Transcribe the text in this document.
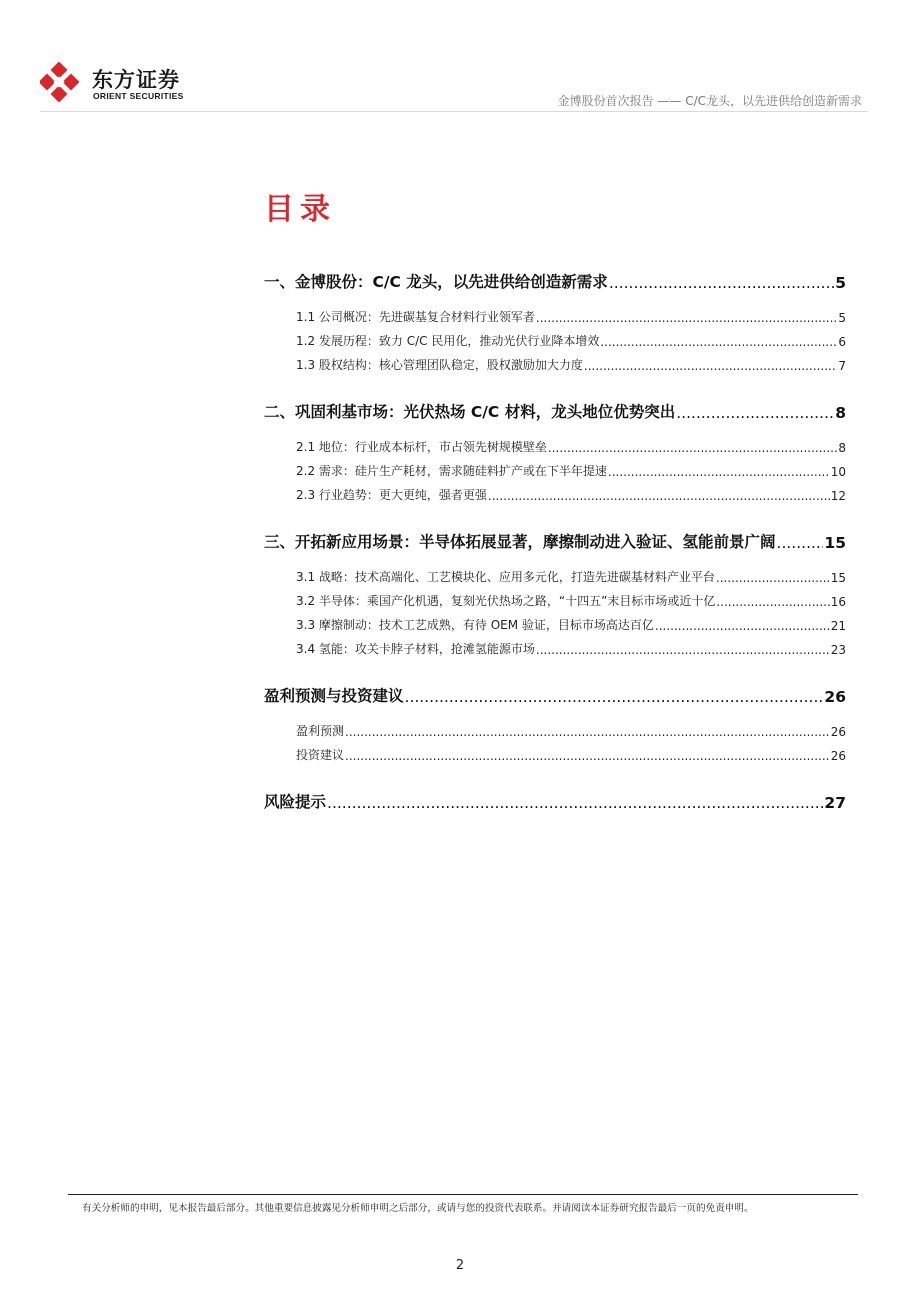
东方证券
ORIENT SECURITIES	金博股份首次报告 —— C/C龙头，以先进供给创造新需求
目录
一、金博股份：C/C 龙头，以先进供给创造新需求 .....	5
1.1 公司概况：先进碳基复合材料行业领军者 .....	5
1.2 发展历程：致力 C/C 民用化，推动光伏行业降本增效 .....	6
1.3 股权结构：核心管理团队稳定，股权激励加大力度 .....	7
二、巩固利基市场：光伏热场 C/C 材料，龙头地位优势突出 .....	8
2.1 地位：行业成本标杆，市占领先树规模壁垒 .....	8
2.2 需求：硅片生产耗材，需求随硅料扩产或在下半年提速 .....	10
2.3 行业趋势：更大更纯，强者更强 .....	12
三、开拓新应用场景：半导体拓展显著，摩擦制动进入验证、氢能前景广阔 .....	15
3.1 战略：技术高端化、工艺模块化、应用多元化，打造先进碳基材料产业平台 .....	15
3.2 半导体：乘国产化机遇，复刻光伏热场之路，“十四五”末目标市场或近十亿 .....	16
3.3 摩擦制动：技术工艺成熟，有待 OEM 验证，目标市场高达百亿 .....	21
3.4 氢能：攻关卡脖子材料，抢滩氢能源市场 .....	23
盈利预测与投资建议 .....	26
盈利预测 .....	26
投资建议 .....	26
风险提示 .....	27
有关分析师的申明，见本报告最后部分。其他重要信息披露见分析师申明之后部分，或请与您的投资代表联系。并请阅读本证券研究报告最后一页的免责申明。
2
